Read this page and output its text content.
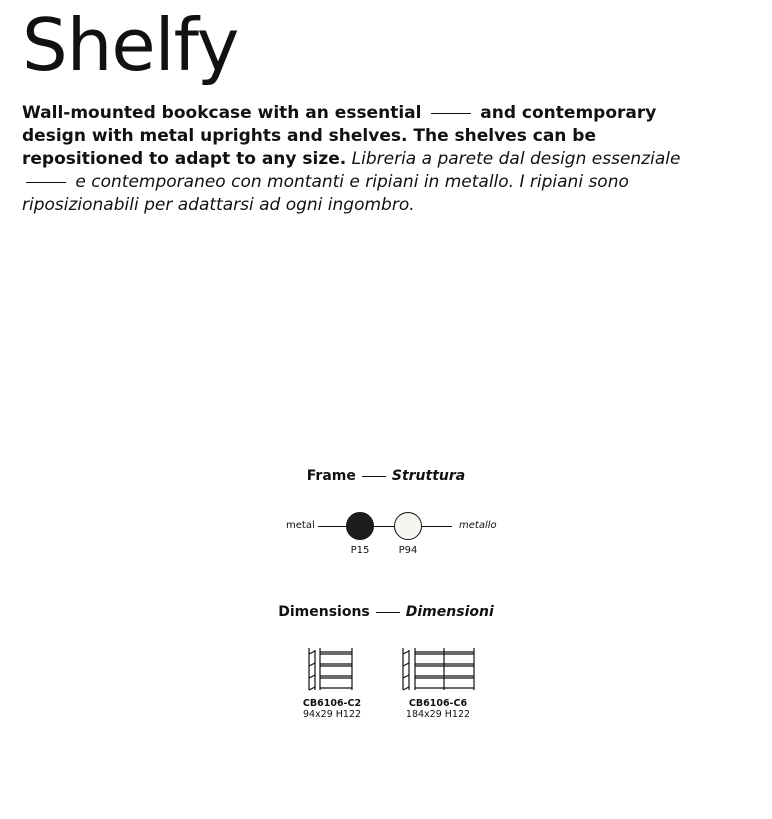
Shelfy

Wall-mounted bookcase with an essential	and contemporary design with metal uprights and shelves. The shelves can be repositioned to adapt to any size. Libreria a parete dal design essenziale  e contemporaneo con montanti e ripiani in metallo. I ripiani sono riposizionabili per adattarsi ad ogni ingombro.

Frame	Struttura
metal	metallo
P15	P94
Dimensions	Dimensioni
CB6106-C2
94x29 H122
CB6106-C6
184x29 H122
